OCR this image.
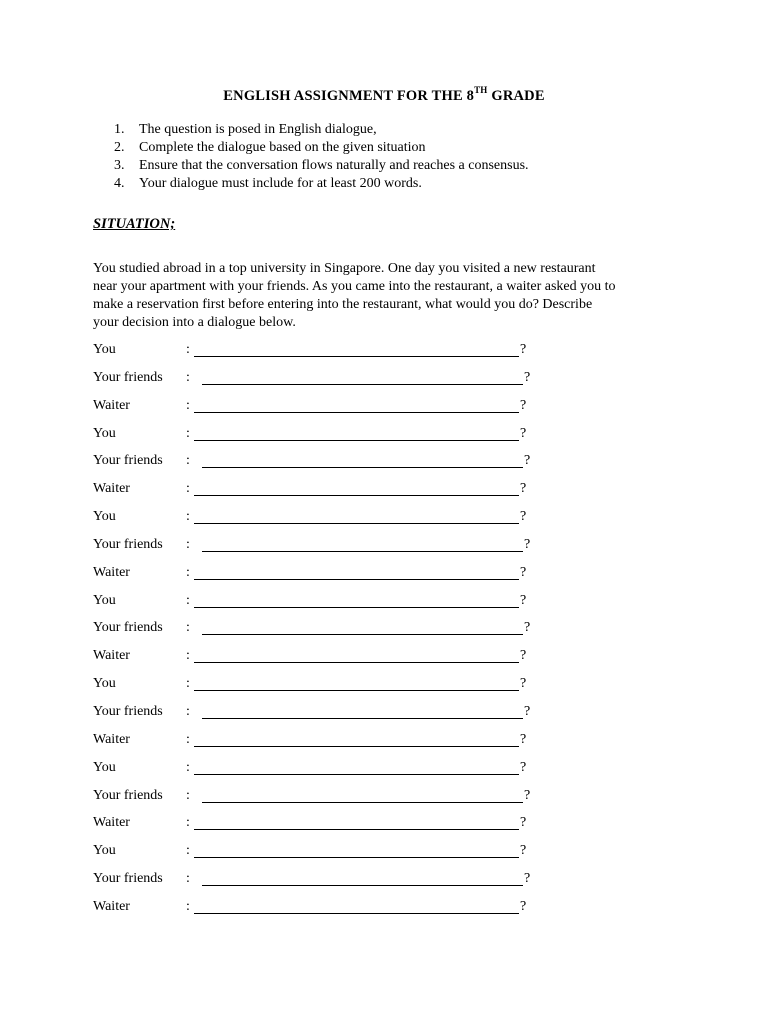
ENGLISH ASSIGNMENT FOR THE 8TH GRADE
1. The question is posed in English dialogue,
2. Complete the dialogue based on the given situation
3. Ensure that the conversation flows naturally and reaches a consensus.
4. Your dialogue must include for at least 200 words.
SITUATION;
You studied abroad in a top university in Singapore. One day you visited a new restaurant
near your apartment with your friends. As you came into the restaurant, a waiter asked you to
make a reservation first before entering into the restaurant, what would you do? Describe
your decision into a dialogue below.
You	:	?
Your friends :	?
Waiter	:	?
You	:	?
Your friends :	?
Waiter	:	?
You	:	?
Your friends :	?
Waiter	:	?
You	:	?
Your friends :	?
Waiter	:	?
You	:	?
Your friends :	?
Waiter	:	?
You	:	?
Your friends :	?
Waiter	:	?
You	:	?
Your friends :	?
Waiter	:	?
